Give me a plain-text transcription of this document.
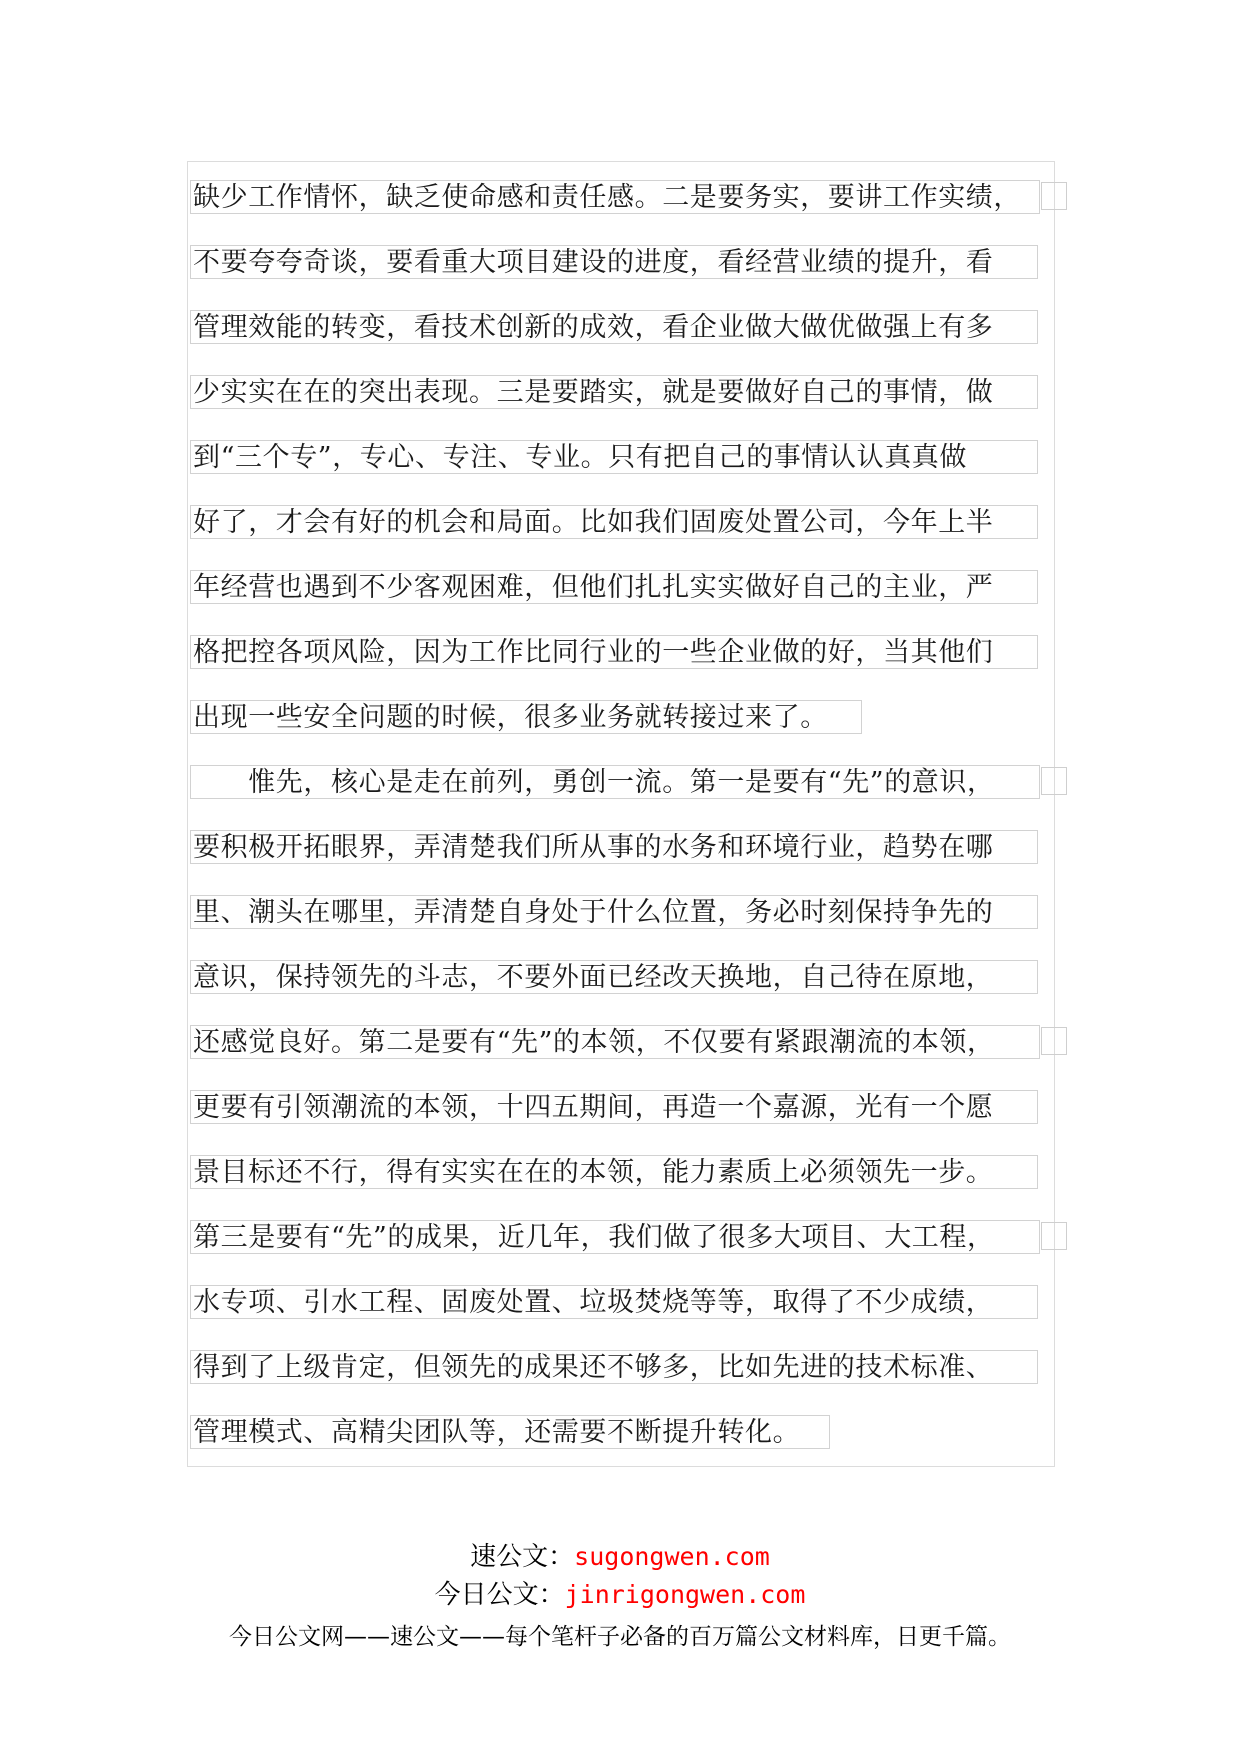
缺少工作情怀，缺乏使命感和责任感。二是要务实，要讲工作实绩，
不要夸夸奇谈，要看重大项目建设的进度，看经营业绩的提升，看
管理效能的转变，看技术创新的成效，看企业做大做优做强上有多
少实实在在的突出表现。三是要踏实，就是要做好自己的事情，做
到“三个专”，专心、专注、专业。只有把自己的事情认认真真做
好了，才会有好的机会和局面。比如我们固废处置公司，今年上半
年经营也遇到不少客观困难，但他们扎扎实实做好自己的主业，严
格把控各项风险，因为工作比同行业的一些企业做的好，当其他们
出现一些安全问题的时候，很多业务就转接过来了。
　　惟先，核心是走在前列，勇创一流。第一是要有“先”的意识，
要积极开拓眼界，弄清楚我们所从事的水务和环境行业，趋势在哪
里、潮头在哪里，弄清楚自身处于什么位置，务必时刻保持争先的
意识，保持领先的斗志，不要外面已经改天换地，自己待在原地，
还感觉良好。第二是要有“先”的本领，不仅要有紧跟潮流的本领，
更要有引领潮流的本领，十四五期间，再造一个嘉源，光有一个愿
景目标还不行，得有实实在在的本领，能力素质上必须领先一步。
第三是要有“先”的成果，近几年，我们做了很多大项目、大工程，
水专项、引水工程、固废处置、垃圾焚烧等等，取得了不少成绩，
得到了上级肯定，但领先的成果还不够多，比如先进的技术标准、
管理模式、高精尖团队等，还需要不断提升转化。
速公文：sugongwen.com
今日公文：jinrigongwen.com
今日公文网——速公文——每个笔杆子必备的百万篇公文材料库，日更千篇。
